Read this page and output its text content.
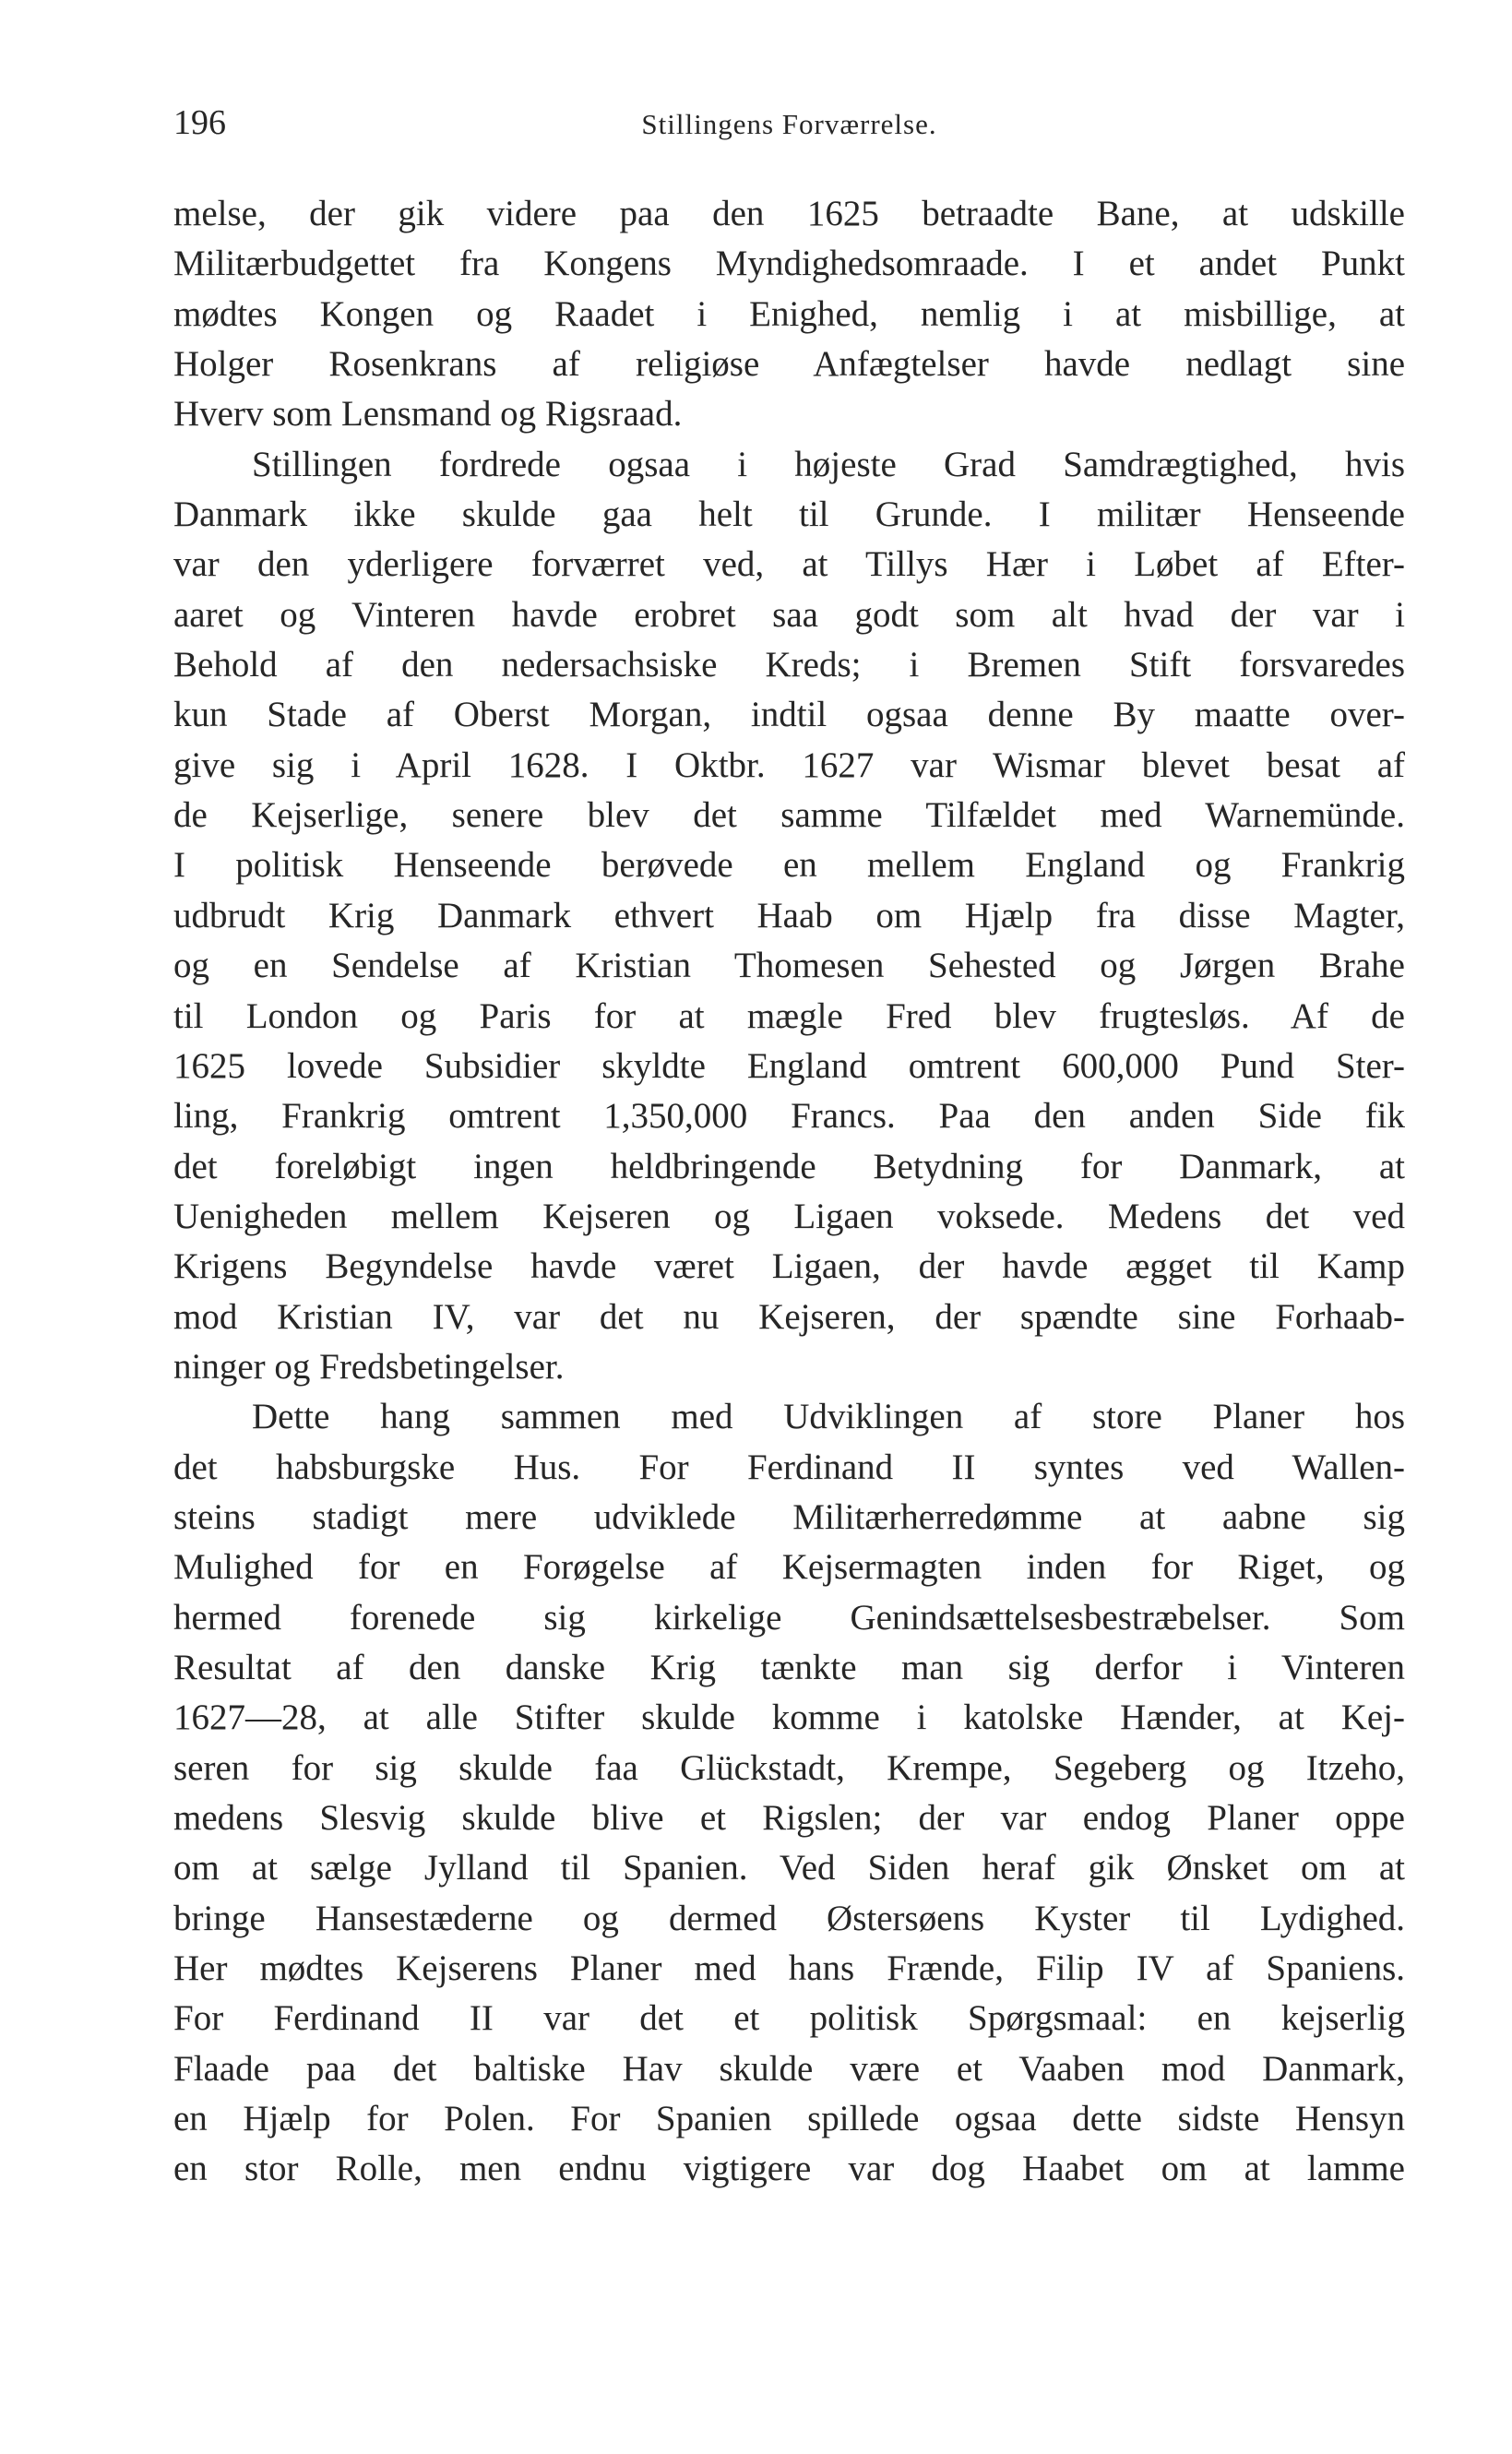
196	Stillingens Forværrelse.
melse, der gik videre paa den 1625 betraadte Bane, at udskille
Militærbudgettet fra Kongens Myndighedsomraade. I et andet Punkt
mødtes Kongen og Raadet i Enighed, nemlig i at misbillige, at
Holger Rosenkrans af religiøse Anfægtelser havde nedlagt sine
Hverv som Lensmand og Rigsraad.
Stillingen fordrede ogsaa i højeste Grad Samdrægtighed, hvis
Danmark ikke skulde gaa helt til Grunde. I militær Henseende
var den yderligere forværret ved, at Tillys Hær i Løbet af Efter-
aaret og Vinteren havde erobret saa godt som alt hvad der var i
Behold af den nedersachsiske Kreds; i Bremen Stift forsvaredes
kun Stade af Oberst Morgan, indtil ogsaa denne By maatte over-
give sig i April 1628. I Oktbr. 1627 var Wismar blevet besat af
de Kejserlige, senere blev det samme Tilfældet med Warnemünde.
I politisk Henseende berøvede en mellem England og Frankrig
udbrudt Krig Danmark ethvert Haab om Hjælp fra disse Magter,
og en Sendelse af Kristian Thomesen Sehested og Jørgen Brahe
til London og Paris for at mægle Fred blev frugtesløs. Af de
1625 lovede Subsidier skyldte England omtrent 600,000 Pund Ster-
ling, Frankrig omtrent 1,350,000 Francs. Paa den anden Side fik
det foreløbigt ingen heldbringende Betydning for Danmark, at
Uenigheden mellem Kejseren og Ligaen voksede. Medens det ved
Krigens Begyndelse havde været Ligaen, der havde ægget til Kamp
mod Kristian IV, var det nu Kejseren, der spændte sine Forhaab-
ninger og Fredsbetingelser.
Dette hang sammen med Udviklingen af store Planer hos
det habsburgske Hus. For Ferdinand II syntes ved Wallen-
steins stadigt mere udviklede Militærherredømme at aabne sig
Mulighed for en Forøgelse af Kejsermagten inden for Riget, og
hermed forenede sig kirkelige Genindsættelsesbestræbelser. Som
Resultat af den danske Krig tænkte man sig derfor i Vinteren
1627—28, at alle Stifter skulde komme i katolske Hænder, at Kej-
seren for sig skulde faa Glückstadt, Krempe, Segeberg og Itzeho,
medens Slesvig skulde blive et Rigslen; der var endog Planer oppe
om at sælge Jylland til Spanien. Ved Siden heraf gik Ønsket om at
bringe Hansestæderne og dermed Østersøens Kyster til Lydighed.
Her mødtes Kejserens Planer med hans Frænde, Filip IV af Spaniens.
For Ferdinand II var det et politisk Spørgsmaal: en kejserlig
Flaade paa det baltiske Hav skulde være et Vaaben mod Danmark,
en Hjælp for Polen. For Spanien spillede ogsaa dette sidste Hensyn
en stor Rolle, men endnu vigtigere var dog Haabet om at lamme
